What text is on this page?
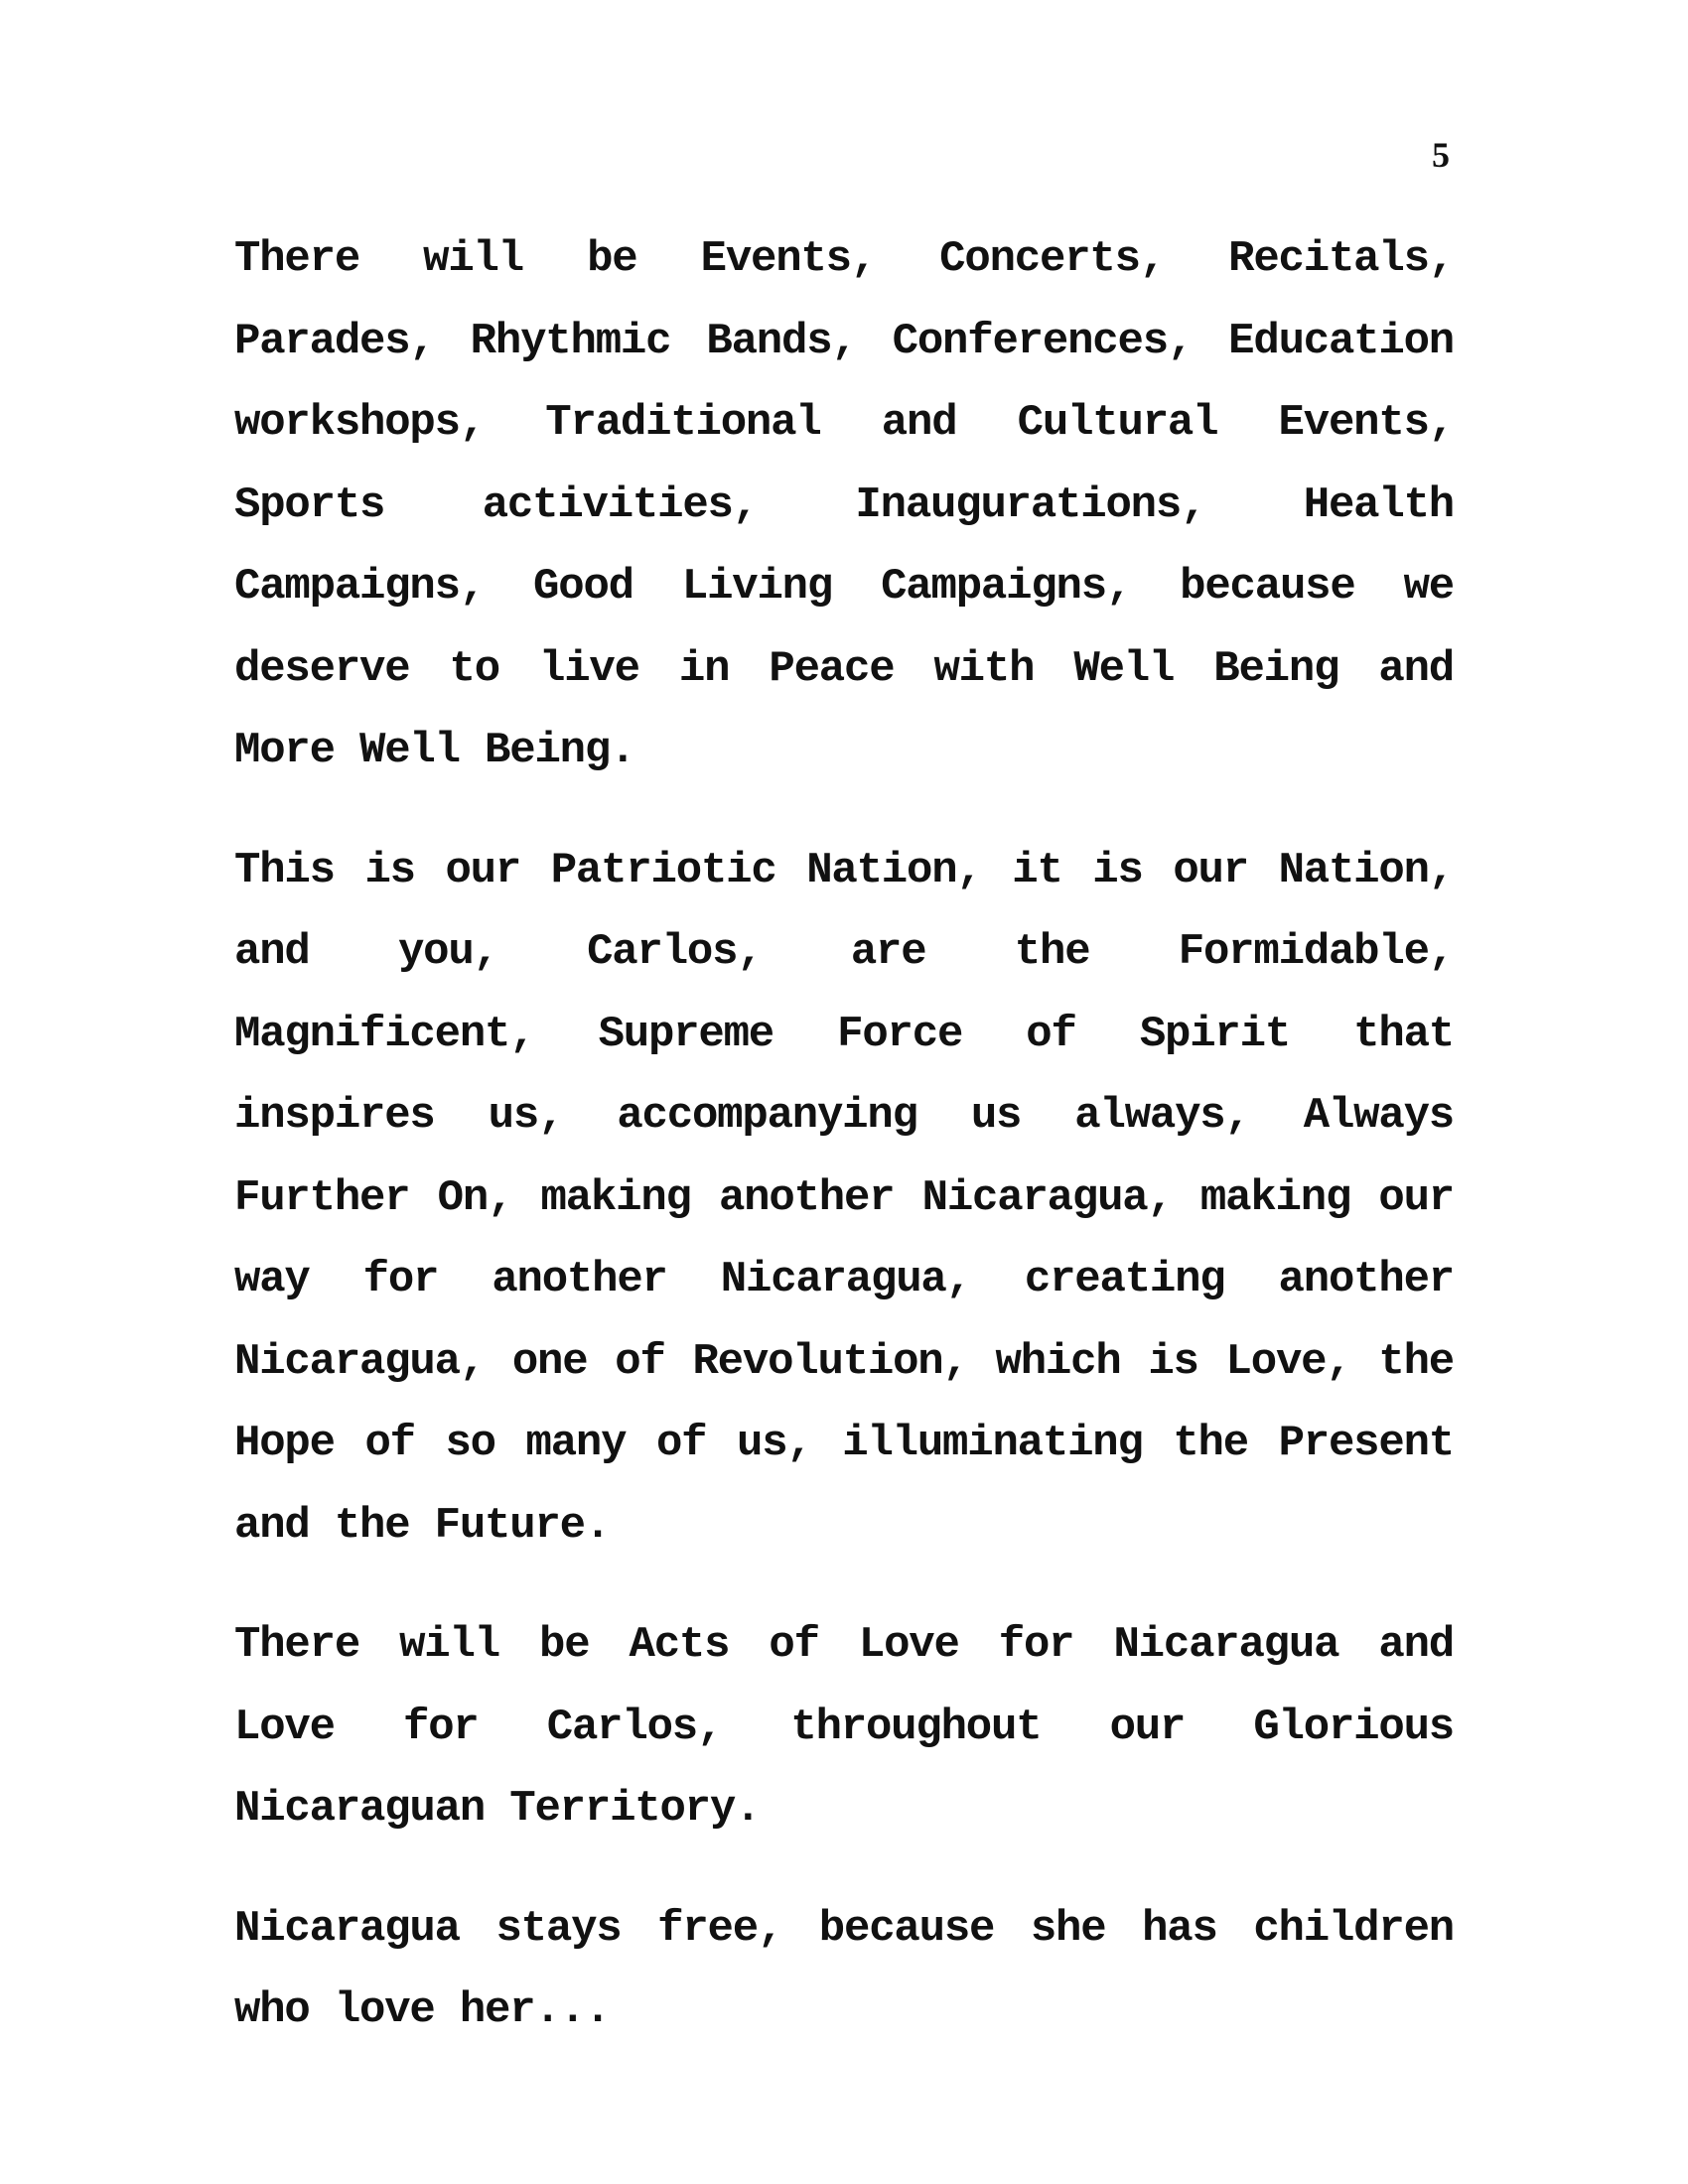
5

There will be Events, Concerts, Recitals, Parades, Rhythmic Bands, Conferences, Education workshops, Traditional and Cultural Events, Sports activities, Inaugurations, Health Campaigns, Good Living Campaigns, because we deserve to live in Peace with Well Being and More Well Being.

This is our Patriotic Nation, it is our Nation, and you, Carlos, are the Formidable, Magnificent, Supreme Force of Spirit that inspires us, accompanying us always, Always Further On, making another Nicaragua, making our way for another Nicaragua, creating another Nicaragua, one of Revolution, which is Love, the Hope of so many of us, illuminating the Present and the Future.

There will be Acts of Love for Nicaragua and Love for Carlos, throughout our Glorious Nicaraguan Territory.

Nicaragua stays free, because she has children who love her...
